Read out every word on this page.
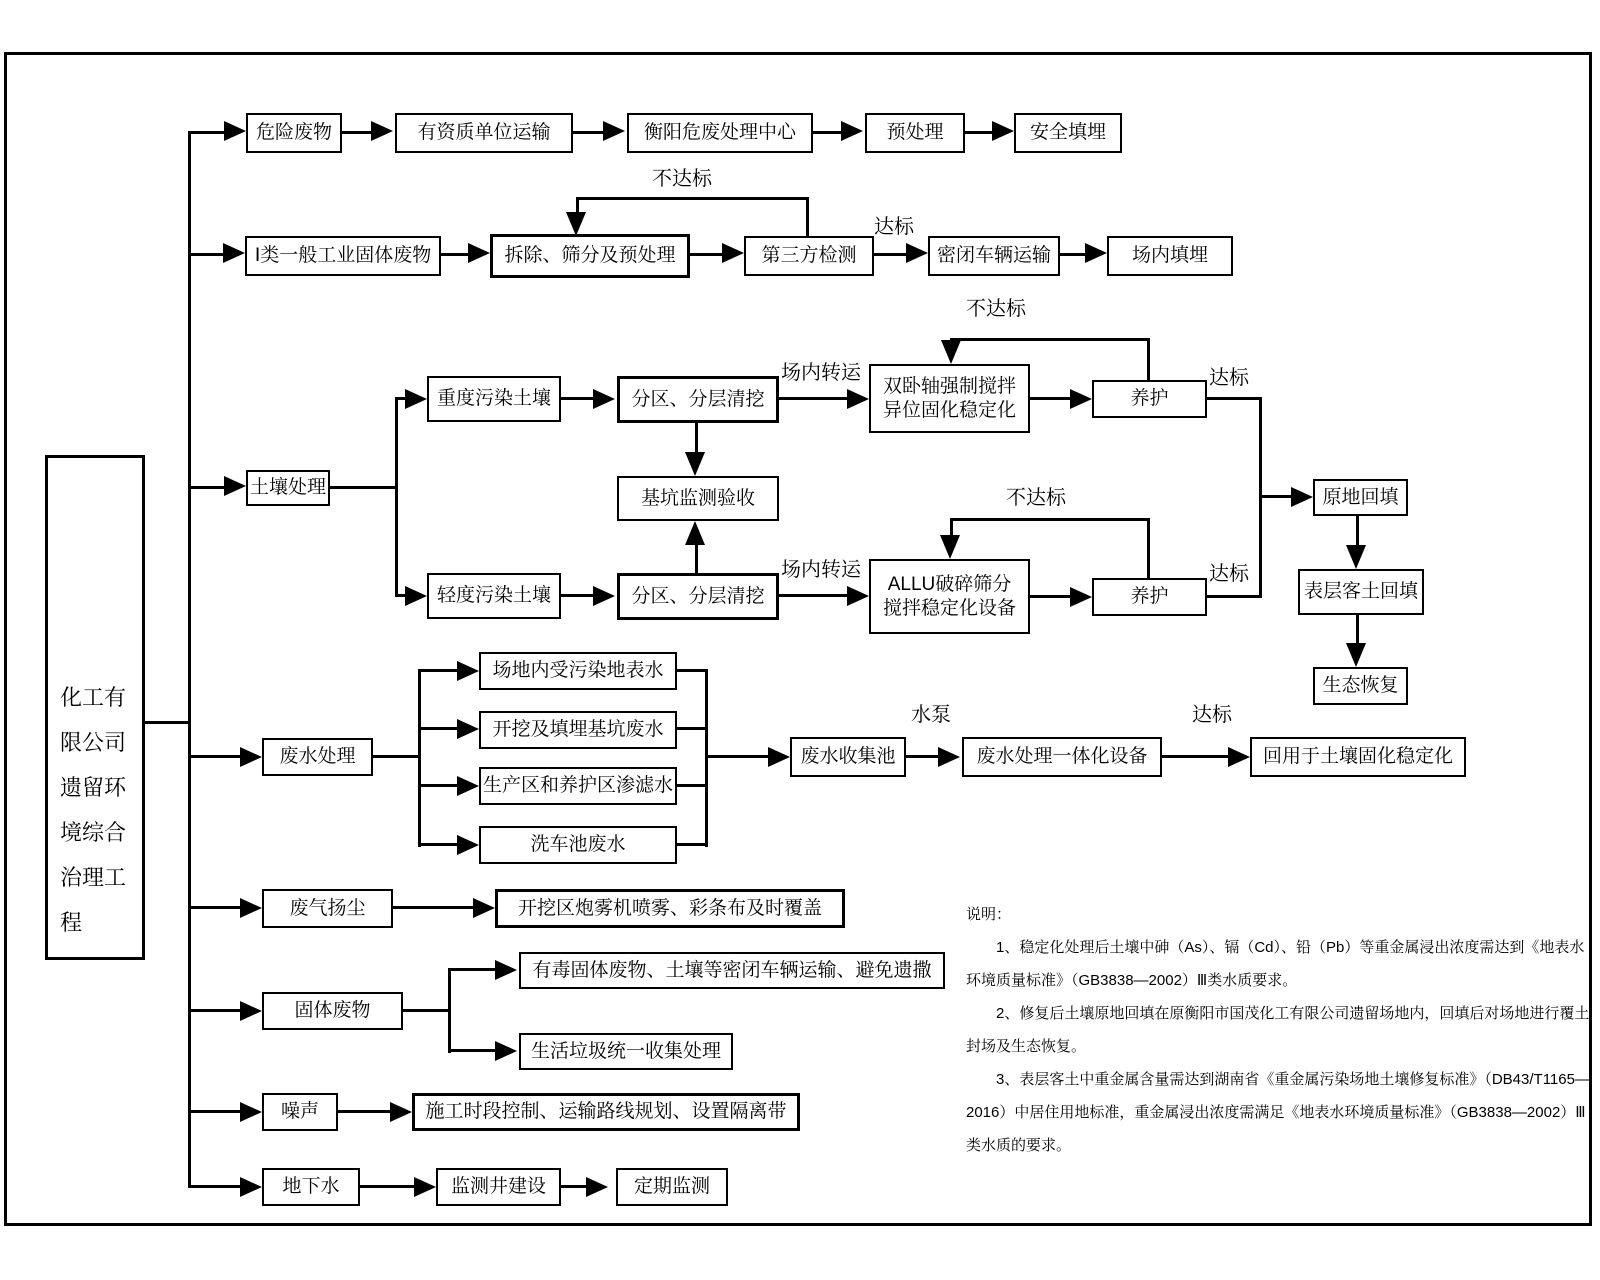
化工有限公司遗留环境综合治理工程	说明：

1、稳定化处理后土壤中砷（As）、镉（Cd）、铅（Pb）等重金属浸出浓度需达到《地表水环境质量标准》（GB3838—2002）Ⅲ类水质要求。

2、修复后土壤原地回填在原衡阳市国茂化工有限公司遗留场地内，回填后对场地进行覆土封场及生态恢复。

3、表层客土中重金属含量需达到湖南省《重金属污染场地土壤修复标准》（DB43/T1165—2016）中居住用地标准，重金属浸出浓度需满足《地表水环境质量标准》（GB3838—2002）Ⅲ类水质的要求。

危险废物	有资质单位运输	衡阳危废处理中心	预处理	安全填埋
Ⅰ类一般工业固体废物	拆除、筛分及预处理	第三方检测	密闭车辆运输	场内填埋
土壤处理
重度污染土壤	分区、分层清挖
双卧轴强制搅拌
异位固化稳定化
养护
基坑监测验收
轻度污染土壤	分区、分层清挖
ALLU破碎筛分
搅拌稳定化设备
养护
原地回填
表层客土回填
生态恢复
废水处理
场地内受污染地表水
开挖及填埋基坑废水
生产区和养护区渗滤水
洗车池废水
废水收集池	废水处理一体化设备	回用于土壤固化稳定化
废气扬尘	开挖区炮雾机喷雾、彩条布及时覆盖
固体废物
有毒固体废物、土壤等密闭车辆运输、避免遗撒
生活垃圾统一收集处理
噪声	施工时段控制、运输路线规划、设置隔离带
地下水	监测井建设	定期监测
不达标
达标
场内转运
场内转运
不达标
不达标
达标
达标
水泵	达标
